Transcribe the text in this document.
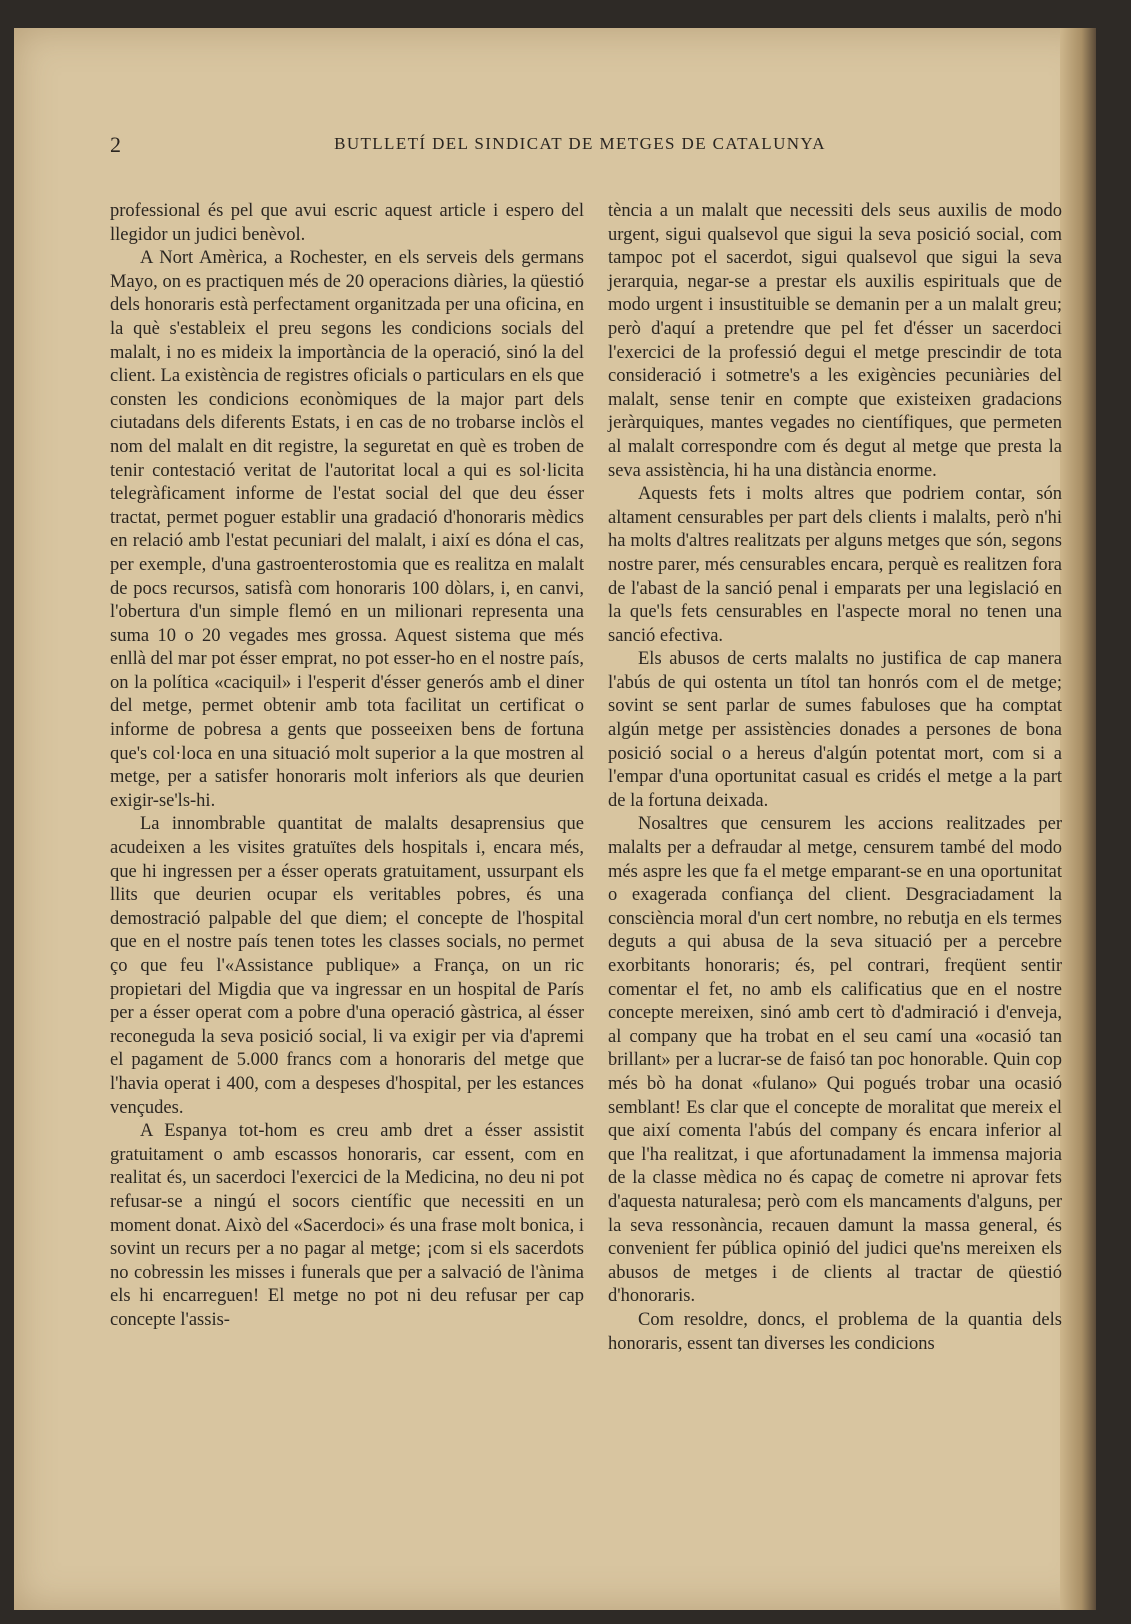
2	BUTLLETÍ DEL SINDICAT DE METGES DE CATALUNYA

professional és pel que avui escric aquest article i espero del llegidor un judici benèvol.

A Nort Amèrica, a Rochester, en els serveis dels germans Mayo, on es practiquen més de 20 operacions diàries, la qüestió dels honoraris està perfectament organitzada per una oficina, en la què s'estableix el preu segons les condicions socials del malalt, i no es mideix la importància de la operació, sinó la del client. La existència de registres oficials o particulars en els que consten les condicions econòmiques de la major part dels ciutadans dels diferents Estats, i en cas de no trobarse inclòs el nom del malalt en dit registre, la seguretat en què es troben de tenir contestació veritat de l'autoritat local a qui es sol·licita telegràficament informe de l'estat social del que deu ésser tractat, permet poguer establir una gradació d'honoraris mèdics en relació amb l'estat pecuniari del malalt, i així es dóna el cas, per exemple, d'una gastroenterostomia que es realitza en malalt de pocs recursos, satisfà com honoraris 100 dòlars, i, en canvi, l'obertura d'un simple flemó en un milionari representa una suma 10 o 20 vegades mes grossa. Aquest sistema que més enllà del mar pot ésser emprat, no pot esser-ho en el nostre país, on la política «caciquil» i l'esperit d'ésser generós amb el diner del metge, permet obtenir amb tota facilitat un certificat o informe de pobresa a gents que posseeixen bens de fortuna que's col·loca en una situació molt superior a la que mostren al metge, per a satisfer honoraris molt inferiors als que deurien exigir-se'ls-hi.

La innombrable quantitat de malalts desaprensius que acudeixen a les visites gratuïtes dels hospitals i, encara més, que hi ingressen per a ésser operats gratuitament, ussurpant els llits que deurien ocupar els veritables pobres, és una demostració palpable del que diem; el concepte de l'hospital que en el nostre país tenen totes les classes socials, no permet ço que feu l'«Assistance publique» a França, on un ric propietari del Migdia que va ingressar en un hospital de París per a ésser operat com a pobre d'una operació gàstrica, al ésser reconeguda la seva posició social, li va exigir per via d'apremi el pagament de 5.000 francs com a honoraris del metge que l'havia operat i 400, com a despeses d'hospital, per les estances vençudes.

A Espanya tot-hom es creu amb dret a ésser assistit gratuitament o amb escassos honoraris, car essent, com en realitat és, un sacerdoci l'exercici de la Medicina, no deu ni pot refusar-se a ningú el socors científic que necessiti en un moment donat. Això del «Sacerdoci» és una frase molt bonica, i sovint un recurs per a no pagar al metge; ¡com si els sacerdots no cobressin les misses i funerals que per a salvació de l'ànima els hi encarreguen! El metge no pot ni deu refusar per cap concepte l'assis-

tència a un malalt que necessiti dels seus auxilis de modo urgent, sigui qualsevol que sigui la seva posició social, com tampoc pot el sacerdot, sigui qualsevol que sigui la seva jerarquia, negar-se a prestar els auxilis espirituals que de modo urgent i insustituible se demanin per a un malalt greu; però d'aquí a pretendre que pel fet d'ésser un sacerdoci l'exercici de la professió degui el metge prescindir de tota consideració i sotmetre's a les exigències pecuniàries del malalt, sense tenir en compte que existeixen gradacions jeràrquiques, mantes vegades no científiques, que permeten al malalt correspondre com és degut al metge que presta la seva assistència, hi ha una distància enorme.

Aquests fets i molts altres que podriem contar, són altament censurables per part dels clients i malalts, però n'hi ha molts d'altres realitzats per alguns metges que són, segons nostre parer, més censurables encara, perquè es realitzen fora de l'abast de la sanció penal i emparats per una legislació en la que'ls fets censurables en l'aspecte moral no tenen una sanció efectiva.

Els abusos de certs malalts no justifica de cap manera l'abús de qui ostenta un títol tan honrós com el de metge; sovint se sent parlar de sumes fabuloses que ha comptat algún metge per assistències donades a persones de bona posició social o a hereus d'algún potentat mort, com si a l'empar d'una oportunitat casual es cridés el metge a la part de la fortuna deixada.

Nosaltres que censurem les accions realitzades per malalts per a defraudar al metge, censurem també del modo més aspre les que fa el metge emparant-se en una oportunitat o exagerada confiança del client. Desgraciadament la consciència moral d'un cert nombre, no rebutja en els termes deguts a qui abusa de la seva situació per a percebre exorbitants honoraris; és, pel contrari, freqüent sentir comentar el fet, no amb els calificatius que en el nostre concepte mereixen, sinó amb cert tò d'admiració i d'enveja, al company que ha trobat en el seu camí una «ocasió tan brillant» per a lucrar-se de faisó tan poc honorable. Quin cop més bò ha donat «fulano» Qui pogués trobar una ocasió semblant! Es clar que el concepte de moralitat que mereix el que així comenta l'abús del company és encara inferior al que l'ha realitzat, i que afortunadament la immensa majoria de la classe mèdica no és capaç de cometre ni aprovar fets d'aquesta naturalesa; però com els mancaments d'alguns, per la seva ressonància, recauen damunt la massa general, és convenient fer pública opinió del judici que'ns mereixen els abusos de metges i de clients al tractar de qüestió d'honoraris.

Com resoldre, doncs, el problema de la quantia dels honoraris, essent tan diverses les condicions
